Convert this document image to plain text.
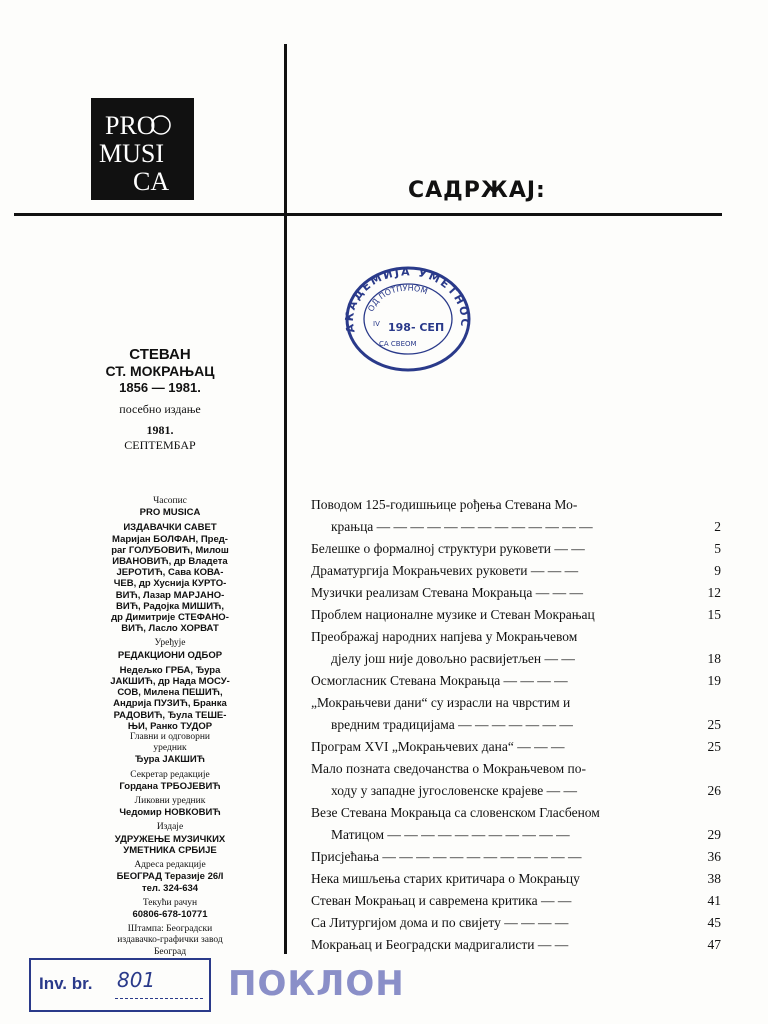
PRO
MUSI
CA	САДРЖАЈ:
АКАДЕМИЈА УМЕТНОС
ОД ПОТПУНОМ
198- СЕП
СА СВЕОМ
IV
СТЕВАН
СТ. МОКРАЊАЦ
1856 — 1981.
посебно издање
1981.
СЕПТЕМБАР
Часопис
PRO MUSICA
ИЗДАВАЧКИ САВЕТ
Маријан БОЛФАН, Пред-
раг ГОЛУБОВИЋ, Милош
ИВАНОВИЋ, др Владета
ЈЕРОТИЋ, Сава КОВА-
ЧЕВ, др Хусниjа КУРТО-
ВИЋ, Лазар МАРЈАНО-
ВИЋ, Радојка МИШИЋ,
др Димитрије СТЕФАНО-
ВИЋ, Ласло ХОРВАТ
Уређује
РЕДАКЦИОНИ ОДБОР
Недељко ГРБА, Ђура
ЈАКШИЋ, др Нада МОСУ-
СОВ, Милена ПЕШИЋ,
Андрија ПУЗИЋ, Бранка
РАДОВИЋ, Ђула ТЕШЕ-
ЊИ, Ранко ТУДОР
Главни и одговорни
уредник
Ђура ЈАКШИЋ
Секретар редакције
Гордана ТРБОЈЕВИЋ
Ликовни уредник
Чедомир НОВКОВИЋ
Издаје
УДРУЖЕЊЕ МУЗИЧКИХ
УМЕТНИКА СРБИЈЕ
Адреса редакције
БЕОГРАД Теразије 26/I
тел. 324-634
Текући рачун
60806-678-10771
Штампа: Београдски
издавачко-графички завод
Београд
Поводом 125-годишњице рођења Стевана Мо-
крањца — — — — — — — — — — — — —	2
Белешке о формалној структури руковети — —	5
Драматургија Мокрањчевих руковети — — —	9
Музички реализам Стевана Мокрањца — — —	12
Проблем националне музике и Стеван Мокрањац	15
Преображај народних напјева у Мокрањчевом
дјелу још није довољно расвијетљен — —	18
Осмогласник Стевана Мокрањца — — — —	19
„Мокрањчеви дани“ су израсли на чврстим и
вредним традицијама — — — — — — —	25
Програм XVI „Мокрањчевих дана“ — — —	25
Мало позната сведочанства о Мокрањчевом по-
ходу у западне југословенске крајеве — —	26
Везе Стевана Мокрањца са словенском Гласбеном
Матицом — — — — — — — — — — —	29
Присјећања — — — — — — — — — — — —	36
Нека мишљења старих критичара о Мокрањцу	38
Стеван Мокрањац и савремена критика — —	41
Са Литургијом дома и по свијету — — — —	45
Мокрањац и Београдски мадригалисти — —	47
Inv. br. 801 ПОКЛОН
